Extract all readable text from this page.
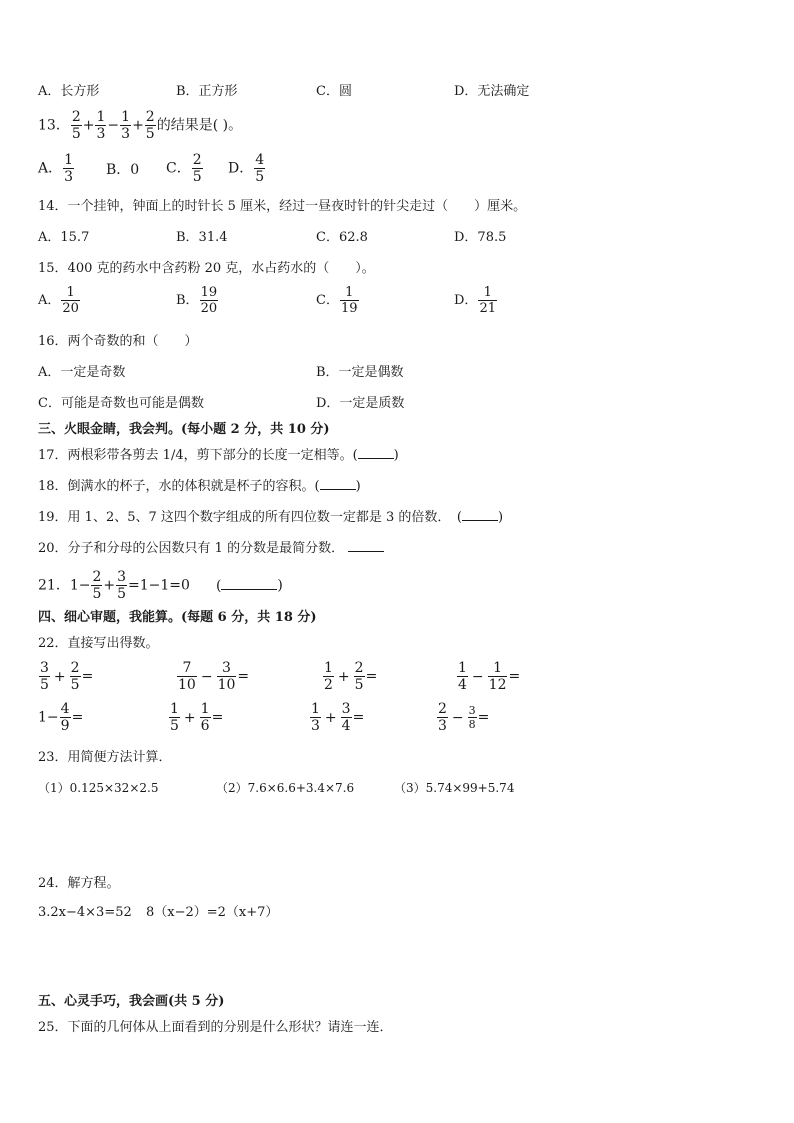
A．长方形	B．正方形	C．圆	D．无法确定
13． $\frac{2}{5} + \frac{1}{3} - \frac{1}{3} + \frac{2}{5}$ 的结果是( )。
A． $\frac{1}{3}$ B．0 C． $\frac{2}{5}$ D． $\frac{4}{5}$
14．一个挂钟，钟面上的时针长 5 厘米，经过一昼夜时针的针尖走过（　　）厘米。
A．15.7	B．31.4	C．62.8	D．78.5
15．400 克的药水中含药粉 20 克，水占药水的（　　）。
A． $\frac{1}{20}$	B． $\frac{19}{20}$	C． $\frac{1}{19}$	D． $\frac{1}{21}$
16．两个奇数的和（　　）
A．一定是奇数	B．一定是偶数
C．可能是奇数也可能是偶数	D．一定是质数
三、火眼金睛，我会判。(每小题 2 分，共 10 分)
17．两根彩带各剪去 1/4，剪下部分的长度一定相等。(	)
18．倒满水的杯子，水的体积就是杯子的容积。(	)
19．用 1、2、5、7 这四个数字组成的所有四位数一定都是 3 的倍数．　(	)
20．分子和分母的公因数只有 1 的分数是最简分数．
21．$1- \frac{2}{5} + \frac{3}{5} =1-1=0$ (	)
四、细心审题，我能算。(每题 6 分，共 18 分)
22．直接写出得数。
$\frac{3}{5} + \frac{2}{5}$ =	$\frac{7}{10} - \frac{3}{10}$ =	$\frac{1}{2} + \frac{2}{5}$ =	$\frac{1}{4} - \frac{1}{12}$ =
$1- \frac{4}{9}$ =	$\frac{1}{5} + \frac{1}{6}$ =	$\frac{1}{3} + \frac{3}{4}$ =	$\frac{2}{3} - \frac{3}{8}$ =
23．用简便方法计算．
（1）0.125×32×2.5	（2）7.6×6.6+3.4×7.6	（3）5.74×99+5.74
24．解方程。
3.2x−4×3=52 8（x−2）=2（x+7）
五、心灵手巧，我会画(共 5 分)
25．下面的几何体从上面看到的分别是什么形状？请连一连．
